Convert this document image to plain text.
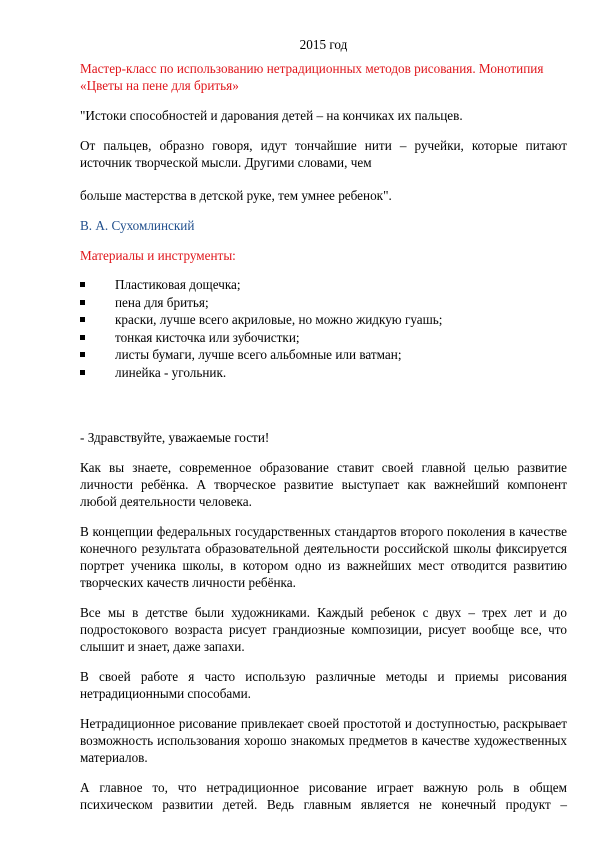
2015 год
Мастер-класс по использованию нетрадиционных методов рисования. Монотипия «Цветы на пене для бритья»
"Истоки способностей и дарования детей – на кончиках их пальцев.
От пальцев, образно говоря, идут тончайшие нити – ручейки, которые питают источник творческой мысли. Другими словами, чем
больше мастерства в детской руке, тем умнее ребенок".
В. А. Сухомлинский
Материалы и инструменты:
Пластиковая дощечка;
пена для бритья;
краски, лучше всего акриловые, но можно жидкую гуашь;
тонкая кисточка или зубочистки;
листы бумаги, лучше всего альбомные или ватман;
линейка - угольник.

- Здравствуйте, уважаемые гости!

Как вы знаете, современное образование ставит своей главной целью развитие личности ребёнка. А творческое развитие выступает как важнейший компонент любой деятельности человека.

В концепции федеральных государственных стандартов второго поколения в качестве конечного результата образовательной деятельности российской школы фиксируется портрет ученика школы, в котором одно из важнейших мест отводится развитию творческих качеств личности ребёнка.

Все мы в детстве были художниками. Каждый ребенок с двух – трех лет и до подростокового возраста рисует грандиозные композиции, рисует вообще все, что слышит и знает, даже запахи.

В своей работе я часто использую различные методы и приемы рисования нетрадиционными способами.

Нетрадиционное рисование привлекает своей простотой и доступностью, раскрывает возможность использования хорошо знакомых предметов в качестве художественных материалов.

А главное то, что нетрадиционное рисование играет важную роль в общем психическом развитии детей. Ведь главным является не конечный продукт –
